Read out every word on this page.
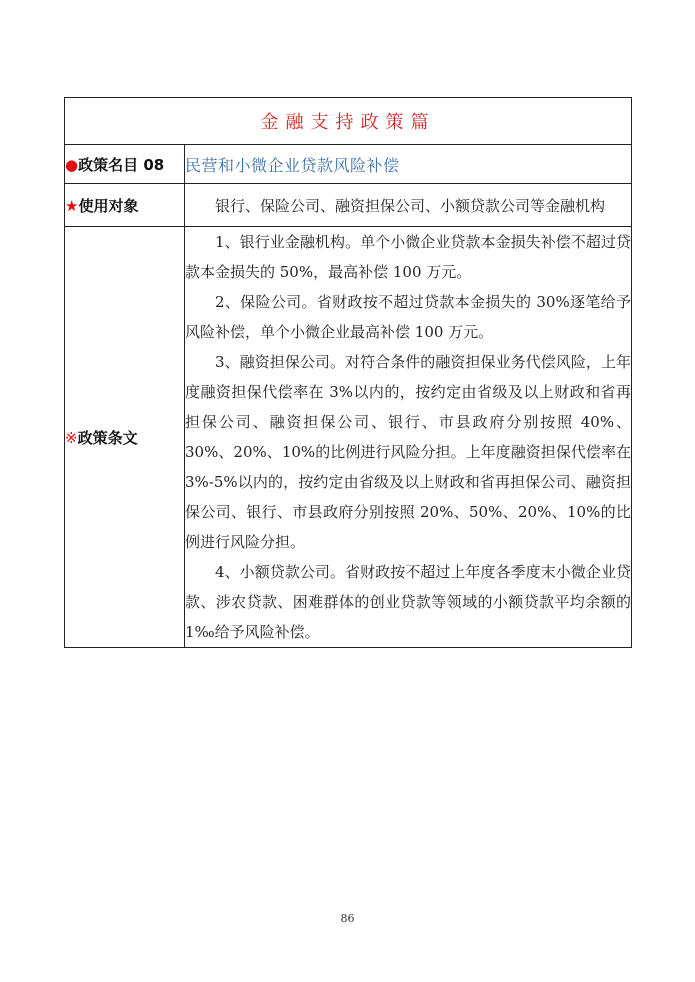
金融支持政策篇	
●政策名目 08	民营和小微企业贷款风险补偿
★使用对象	银行、保险公司、融资担保公司、小额贷款公司等金融机构

※政策条文	1、银行业金融机构。单个小微企业贷款本金损失补偿不超过贷款本金损失的 50%，最高补偿 100 万元。

2、保险公司。省财政按不超过贷款本金损失的 30%逐笔给予风险补偿，单个小微企业最高补偿 100 万元。

3、融资担保公司。对符合条件的融资担保业务代偿风险，上年度融资担保代偿率在 3%以内的，按约定由省级及以上财政和省再担保公司、融资担保公司、银行、市县政府分别按照 40%、30%、20%、10%的比例进行风险分担。上年度融资担保代偿率在 3%-5%以内的，按约定由省级及以上财政和省再担保公司、融资担保公司、银行、市县政府分别按照 20%、50%、20%、10%的比例进行风险分担。

4、小额贷款公司。省财政按不超过上年度各季度末小微企业贷款、涉农贷款、困难群体的创业贷款等领域的小额贷款平均余额的 1‰给予风险补偿。

86
